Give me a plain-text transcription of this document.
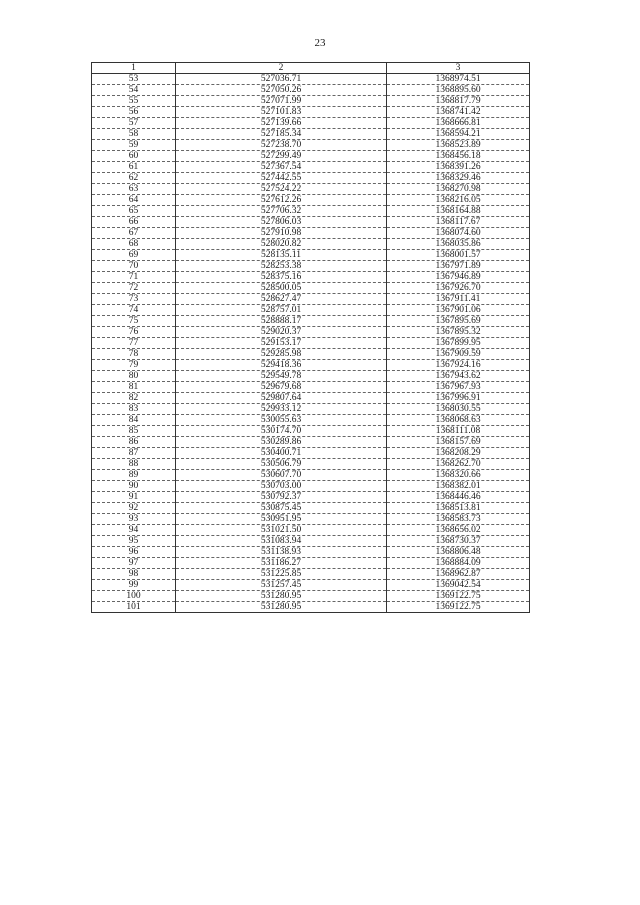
23
1	2	3
53	527036.71	1368974.51
54	527050.26	1368895.60
55	527071.99	1368817.79
56	527101.83	1368741.42
57	527139.66	1368666.81
58	527185.34	1368594.21
59	527238.70	1368523.89
60	527299.49	1368456.18
61	527367.54	1368391.26
62	527442.55	1368329.46
63	527524.22	1368270.98
64	527612.26	1368216.05
65	527706.32	1368164.88
66	527806.03	1368117.67
67	527910.98	1368074.60
68	528020.82	1368035.86
69	528135.11	1368001.57
70	528253.38	1367971.89
71	528375.16	1367946.89
72	528500.05	1367926.70
73	528627.47	1367911.41
74	528757.01	1367901.06
75	528888.17	1367895.69
76	529020.37	1367895.32
77	529153.17	1367899.95
78	529285.98	1367909.59
79	529418.36	1367924.16
80	529549.78	1367943.62
81	529679.68	1367967.93
82	529807.64	1367996.91
83	529933.12	1368030.55
84	530055.63	1368068.63
85	530174.70	1368111.08
86	530289.86	1368157.69
87	530400.71	1368208.29
88	530506.79	1368262.70
89	530607.70	1368320.66
90	530703.00	1368382.01
91	530792.37	1368446.46
92	530875.45	1368513.81
93	530951.95	1368583.73
94	531021.50	1368656.02
95	531083.94	1368730.37
96	531138.93	1368806.48
97	531186.27	1368884.09
98	531225.85	1368962.87
99	531257.45	1369042.54
100	531280.95	1369122.75
101	531280.95	1369122.75
